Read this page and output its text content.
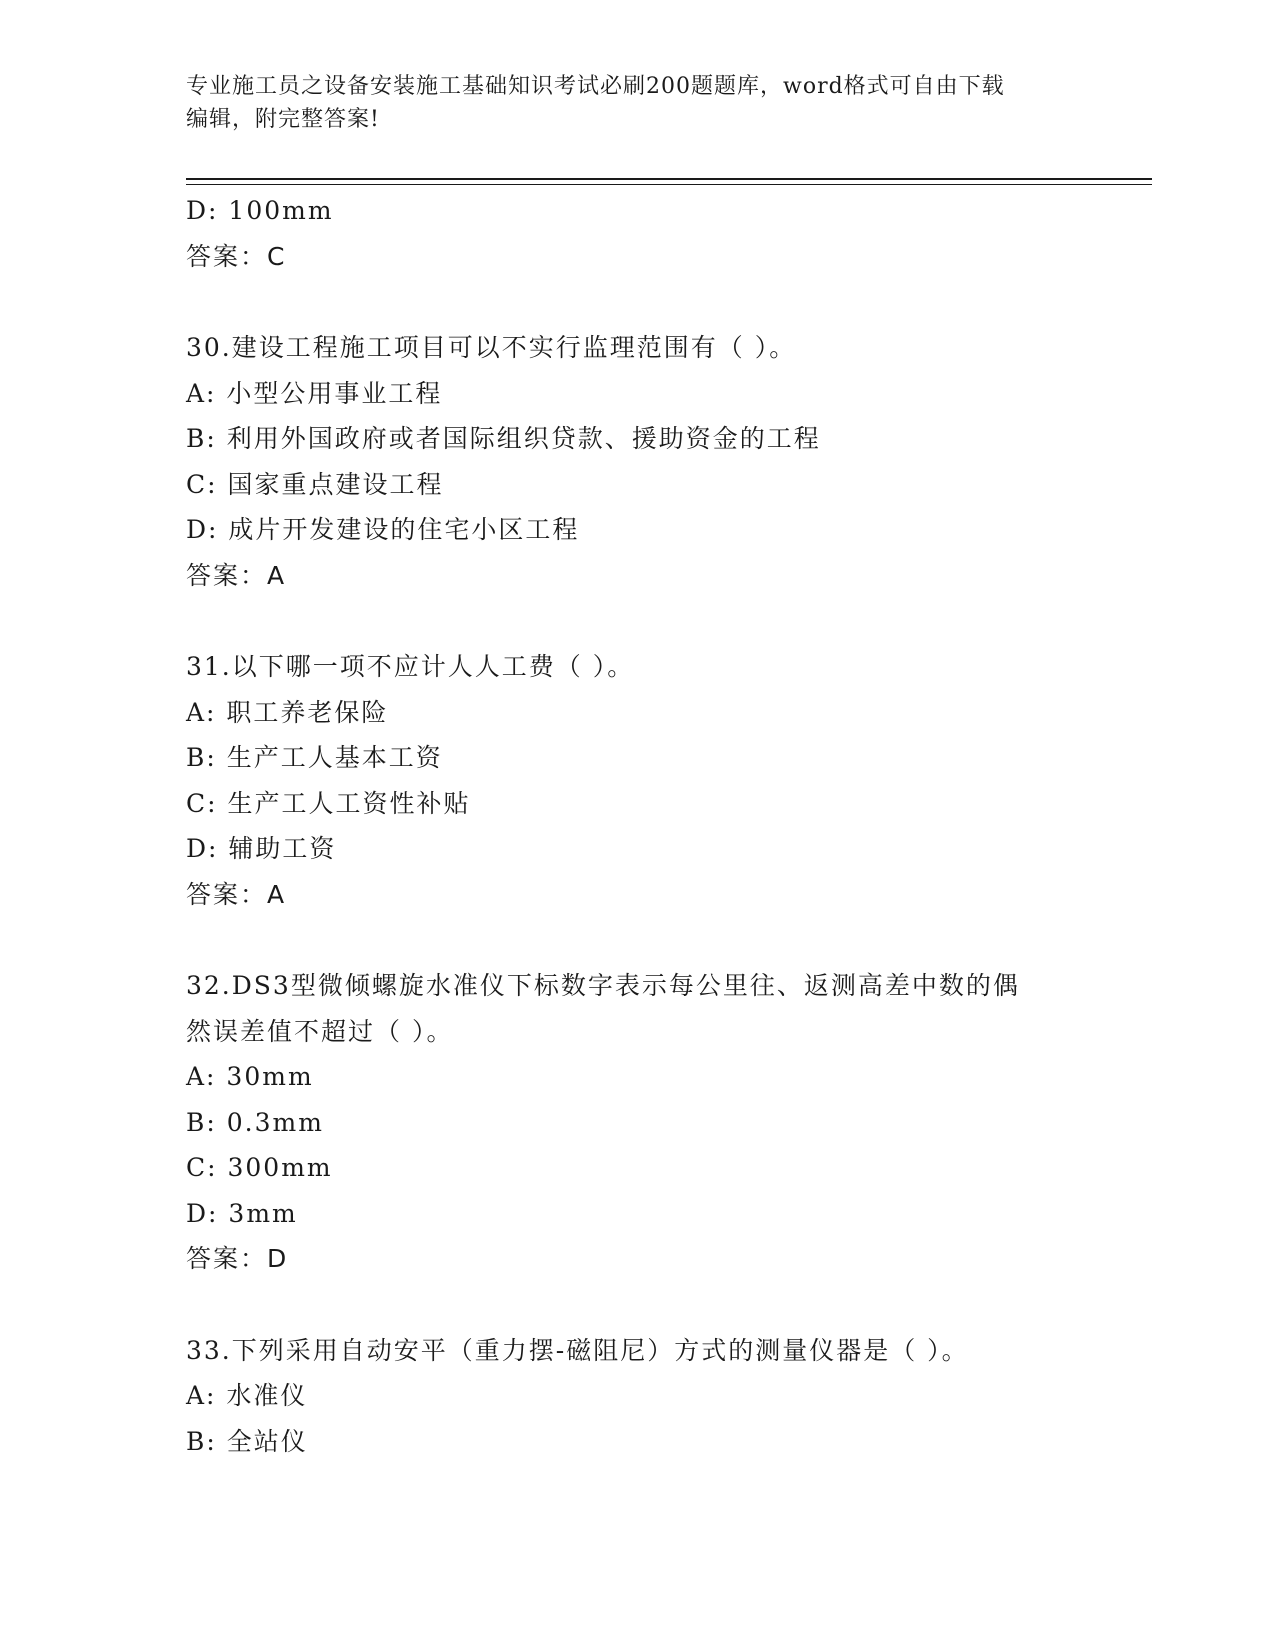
专业施工员之设备安装施工基础知识考试必刷200题题库，word格式可自由下载
编辑，附完整答案!
D: 100mm
答案：C
30.建设工程施工项目可以不实行监理范围有（ ）。
A: 小型公用事业工程
B: 利用外国政府或者国际组织贷款、援助资金的工程
C: 国家重点建设工程
D: 成片开发建设的住宅小区工程
答案：A
31.以下哪一项不应计人人工费（ ）。
A: 职工养老保险
B: 生产工人基本工资
C: 生产工人工资性补贴
D: 辅助工资
答案：A
32.DS3型微倾螺旋水准仪下标数字表示每公里往、返测高差中数的偶
然误差值不超过（ ）。
A: 30mm
B: 0.3mm
C: 300mm
D: 3mm
答案：D
33.下列采用自动安平（重力摆-磁阻尼）方式的测量仪器是（ ）。
A: 水准仪
B: 全站仪
